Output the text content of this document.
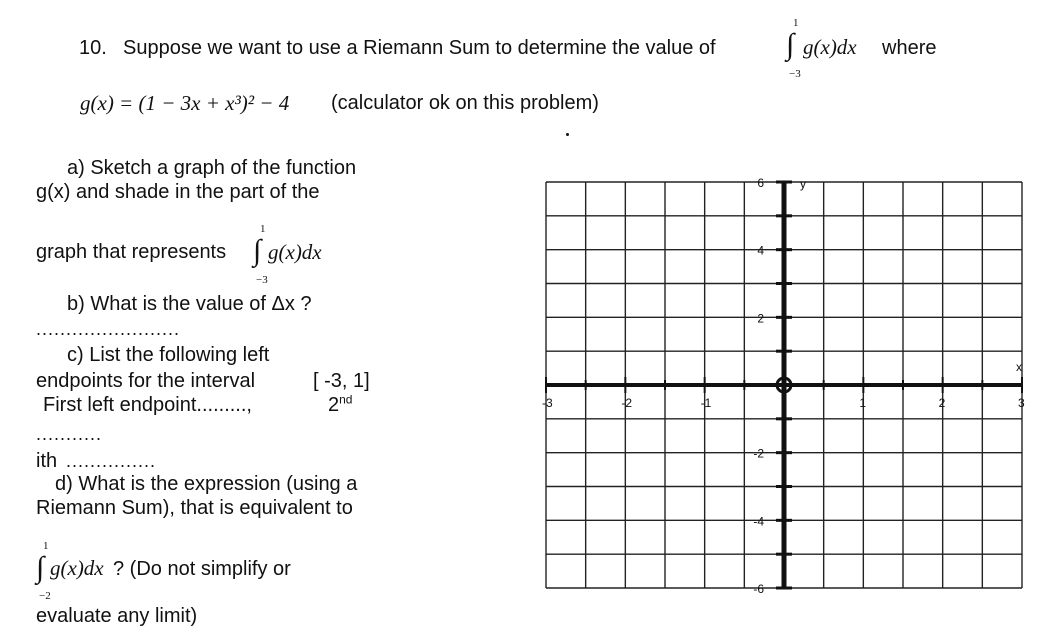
10. Suppose we want to use a Riemann Sum to determine the value of
1
∫
−3
g(x)dx where
g(x) = (1 − 3x + x³)² − 4 (calculator ok on this problem)
a) Sketch a graph of the function
g(x) and shade in the part of the
graph that represents
1
∫
−3
g(x)dx
b) What is the value of Δx ?
........................
c) List the following left
endpoints for the interval	[ -3, 1]
First left endpoint.........,	2nd
...........
ith ...............
d) What is the expression (using a
Riemann Sum), that is equivalent to
1
∫
−2
g(x)dx ? (Do not simplify or
evaluate any limit)
-3	-2	-1	1	2	3
6
4
2
-2
-4
-6
x
y
